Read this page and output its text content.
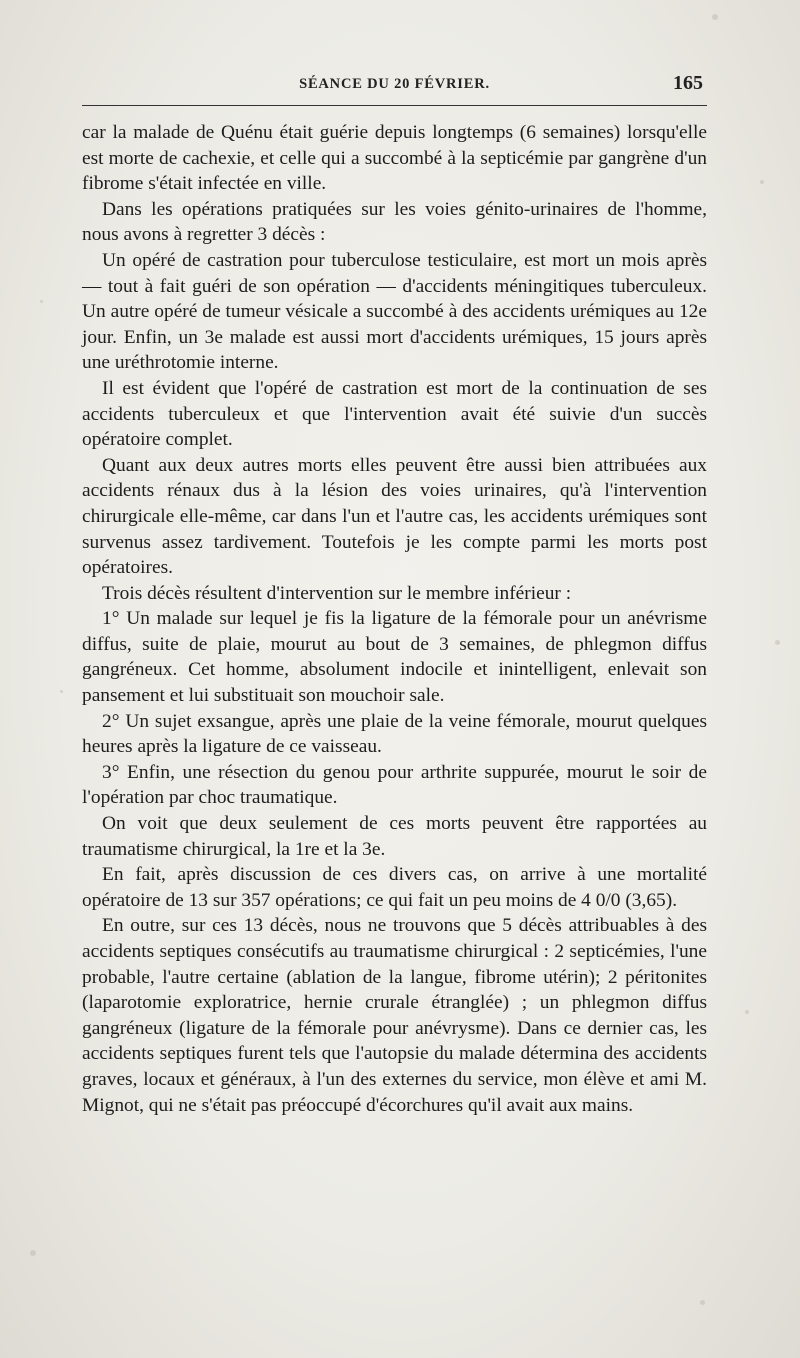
SÉANCE DU 20 FÉVRIER.	165

car la malade de Quénu était guérie depuis longtemps (6 semaines) lorsqu'elle est morte de cachexie, et celle qui a succombé à la septicémie par gangrène d'un fibrome s'était infectée en ville.

Dans les opérations pratiquées sur les voies génito-urinaires de l'homme, nous avons à regretter 3 décès :

Un opéré de castration pour tuberculose testiculaire, est mort un mois après — tout à fait guéri de son opération — d'accidents méningitiques tuberculeux. Un autre opéré de tumeur vésicale a succombé à des accidents urémiques au 12e jour. Enfin, un 3e malade est aussi mort d'accidents urémiques, 15 jours après une uréthrotomie interne.

Il est évident que l'opéré de castration est mort de la continuation de ses accidents tuberculeux et que l'intervention avait été suivie d'un succès opératoire complet.

Quant aux deux autres morts elles peuvent être aussi bien attribuées aux accidents rénaux dus à la lésion des voies urinaires, qu'à l'intervention chirurgicale elle-même, car dans l'un et l'autre cas, les accidents urémiques sont survenus assez tardivement. Toutefois je les compte parmi les morts post opératoires.

Trois décès résultent d'intervention sur le membre inférieur :

1° Un malade sur lequel je fis la ligature de la fémorale pour un anévrisme diffus, suite de plaie, mourut au bout de 3 semaines, de phlegmon diffus gangréneux. Cet homme, absolument indocile et inintelligent, enlevait son pansement et lui substituait son mouchoir sale.

2° Un sujet exsangue, après une plaie de la veine fémorale, mourut quelques heures après la ligature de ce vaisseau.

3° Enfin, une résection du genou pour arthrite suppurée, mourut le soir de l'opération par choc traumatique.

On voit que deux seulement de ces morts peuvent être rapportées au traumatisme chirurgical, la 1re et la 3e.

En fait, après discussion de ces divers cas, on arrive à une mortalité opératoire de 13 sur 357 opérations; ce qui fait un peu moins de 4 0/0 (3,65).

En outre, sur ces 13 décès, nous ne trouvons que 5 décès attribuables à des accidents septiques consécutifs au traumatisme chirurgical : 2 septicémies, l'une probable, l'autre certaine (ablation de la langue, fibrome utérin); 2 péritonites (laparotomie exploratrice, hernie crurale étranglée) ; un phlegmon diffus gangréneux (ligature de la fémorale pour anévrysme). Dans ce dernier cas, les accidents septiques furent tels que l'autopsie du malade détermina des accidents graves, locaux et généraux, à l'un des externes du service, mon élève et ami M. Mignot, qui ne s'était pas préoccupé d'écorchures qu'il avait aux mains.
